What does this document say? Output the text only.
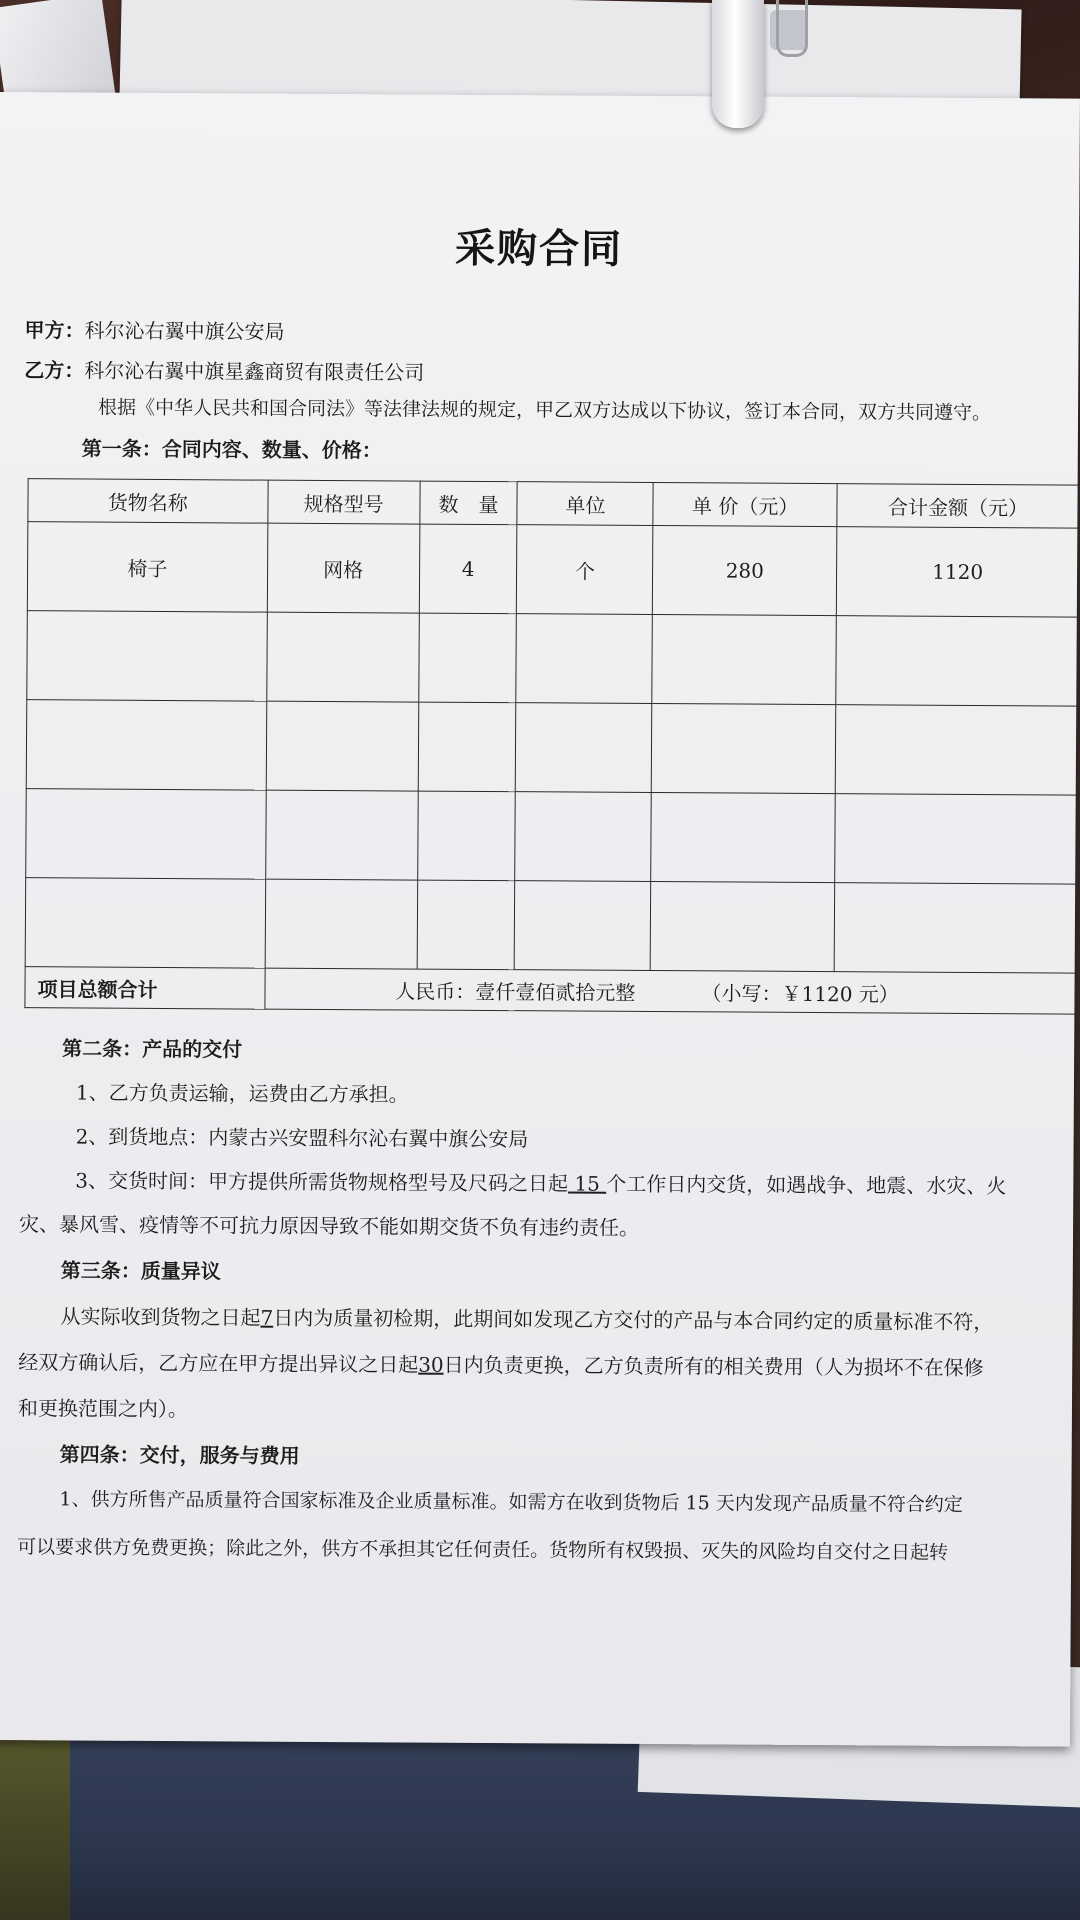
采购合同
甲方：科尔沁右翼中旗公安局
乙方：科尔沁右翼中旗星鑫商贸有限责任公司
根据《中华人民共和国合同法》等法律法规的规定，甲乙双方达成以下协议，签订本合同，双方共同遵守。
第一条：合同内容、数量、价格：
货物名称	规格型号	数　量	单位	单 价（元）	合计金额（元）
椅子	网格	4	个	280	1120

项目总额合计	人民币：壹仟壹佰贰拾元整 （小写：￥1120 元）				
第二条：产品的交付
1、乙方负责运输，运费由乙方承担。
2、到货地点：内蒙古兴安盟科尔沁右翼中旗公安局
3、交货时间：甲方提供所需货物规格型号及尺码之日起 15 个工作日内交货，如遇战争、地震、水灾、火
灾、暴风雪、疫情等不可抗力原因导致不能如期交货不负有违约责任。
第三条：质量异议
从实际收到货物之日起7日内为质量初检期，此期间如发现乙方交付的产品与本合同约定的质量标准不符，
经双方确认后，乙方应在甲方提出异议之日起30日内负责更换，乙方负责所有的相关费用（人为损坏不在保修
和更换范围之内）。
第四条：交付，服务与费用
1、供方所售产品质量符合国家标准及企业质量标准。如需方在收到货物后 15 天内发现产品质量不符合约定
可以要求供方免费更换；除此之外，供方不承担其它任何责任。货物所有权毁损、灭失的风险均自交付之日起转
